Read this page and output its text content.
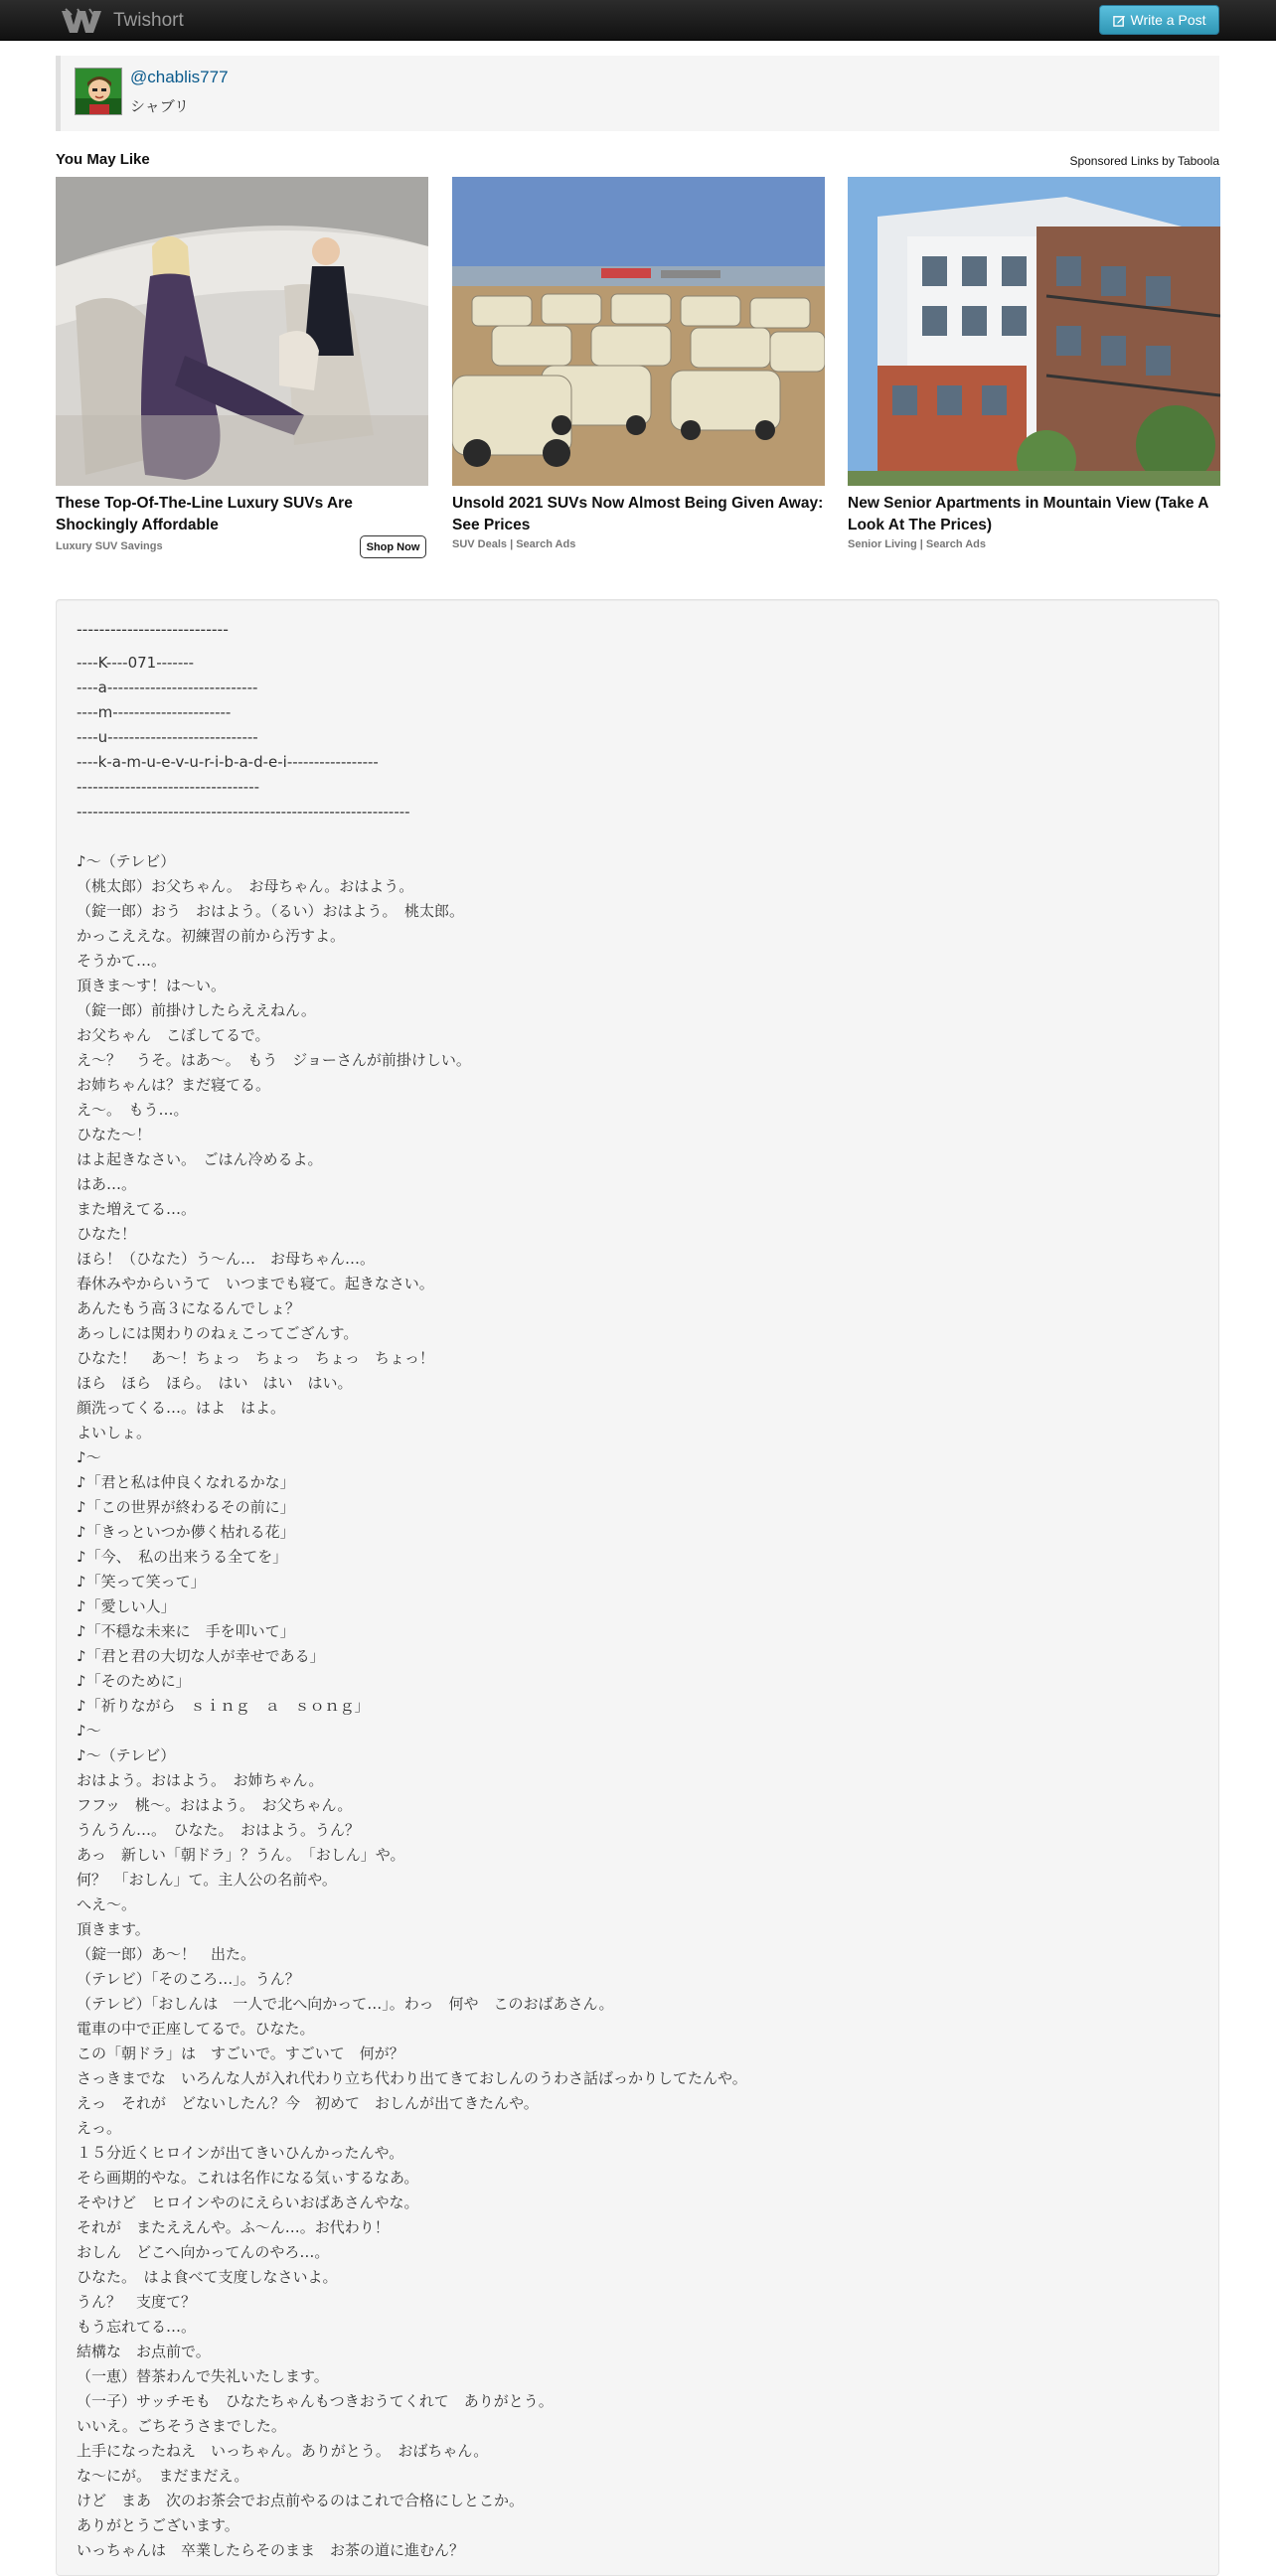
Twishort	Write a Post
@chablis777
シャブリ
You May Like	Sponsored Links by Taboola
These Top-Of-The-Line Luxury SUVs Are Shockingly Affordable
Luxury SUV Savings	Shop Now
Unsold 2021 SUVs Now Almost Being Given Away: See Prices
SUV Deals | Search Ads
New Senior Apartments in Mountain View (Take A Look At The Prices)
Senior Living | Search Ads
---------------------------
----K----071-------
----a----------------------------
----m----------------------
----u----------------------------
----k-a-m-u-e-v-u-r-i-b-a-d-e-i-----------------
----------------------------------
--------------------------------------------------------------
♪～（テレビ）
（桃太郎）お父ちゃん。　お母ちゃん。おはよう。
（錠一郎）おう　おはよう。（るい）おはよう。　桃太郎。
かっこええな。初練習の前から汚すよ。
そうかて…。
頂きま～す！は～い。
（錠一郎）前掛けしたらええねん。
お父ちゃん　こぼしてるで。
え～？　うそ。はあ～。　もう　ジョーさんが前掛けしい。
お姉ちゃんは？まだ寝てる。
え～。　もう…。
ひなた～！
はよ起きなさい。　ごはん冷めるよ。
はあ…。
また増えてる…。
ひなた！
ほら！（ひなた）う～ん…　お母ちゃん…。
春休みやからいうて　いつまでも寝て。起きなさい。
あんたもう高３になるんでしょ？
あっしには関わりのねぇこってござんす。
ひなた！　あ～！ちょっ　ちょっ　ちょっ　ちょっ！
ほら　ほら　ほら。　はい　はい　はい。
顔洗ってくる…。はよ　はよ。
よいしょ。
♪～
♪「君と私は仲良くなれるかな」
♪「この世界が終わるその前に」
♪「きっといつか儚く枯れる花」
♪「今、　私の出来うる全てを」
♪「笑って笑って」
♪「愛しい人」
♪「不穏な未来に　手を叩いて」
♪「君と君の大切な人が幸せである」
♪「そのために」
♪「祈りながら　ｓｉｎｇ　ａ　ｓｏｎｇ」
♪～
♪～（テレビ）
おはよう。おはよう。　お姉ちゃん。
フフッ　桃～。おはよう。　お父ちゃん。
うんうん…。　ひなた。　おはよう。うん？
あっ　新しい「朝ドラ」？うん。　「おしん」や。
何？　「おしん」て。主人公の名前や。
へえ～。
頂きます。
（錠一郎）あ～！　出た。
（テレビ）「そのころ…」。うん？
（テレビ）「おしんは　一人で北へ向かって…」。わっ　何や　このおばあさん。
電車の中で正座してるで。ひなた。
この「朝ドラ」は　すごいで。すごいて　何が？
さっきまでな　いろんな人が入れ代わり立ち代わり出てきておしんのうわさ話ばっかりしてたんや。
えっ　それが　どないしたん？今　初めて　おしんが出てきたんや。
えっ。
１５分近くヒロインが出てきいひんかったんや。
そら画期的やな。これは名作になる気ぃするなあ。
そやけど　ヒロインやのにえらいおばあさんやな。
それが　またええんや。ふ～ん…。お代わり！
おしん　どこへ向かってんのやろ…。
ひなた。　はよ食べて支度しなさいよ。
うん？　支度て？
もう忘れてる…。
結構な　お点前で。
（一恵）替茶わんで失礼いたします。
（一子）サッチモも　ひなたちゃんもつきおうてくれて　ありがとう。
いいえ。ごちそうさまでした。
上手になったねえ　いっちゃん。ありがとう。　おばちゃん。
な～にが。　まだまだえ。
けど　まあ　次のお茶会でお点前やるのはこれで合格にしとこか。
ありがとうございます。
いっちゃんは　卒業したらそのまま　お茶の道に進むん？
